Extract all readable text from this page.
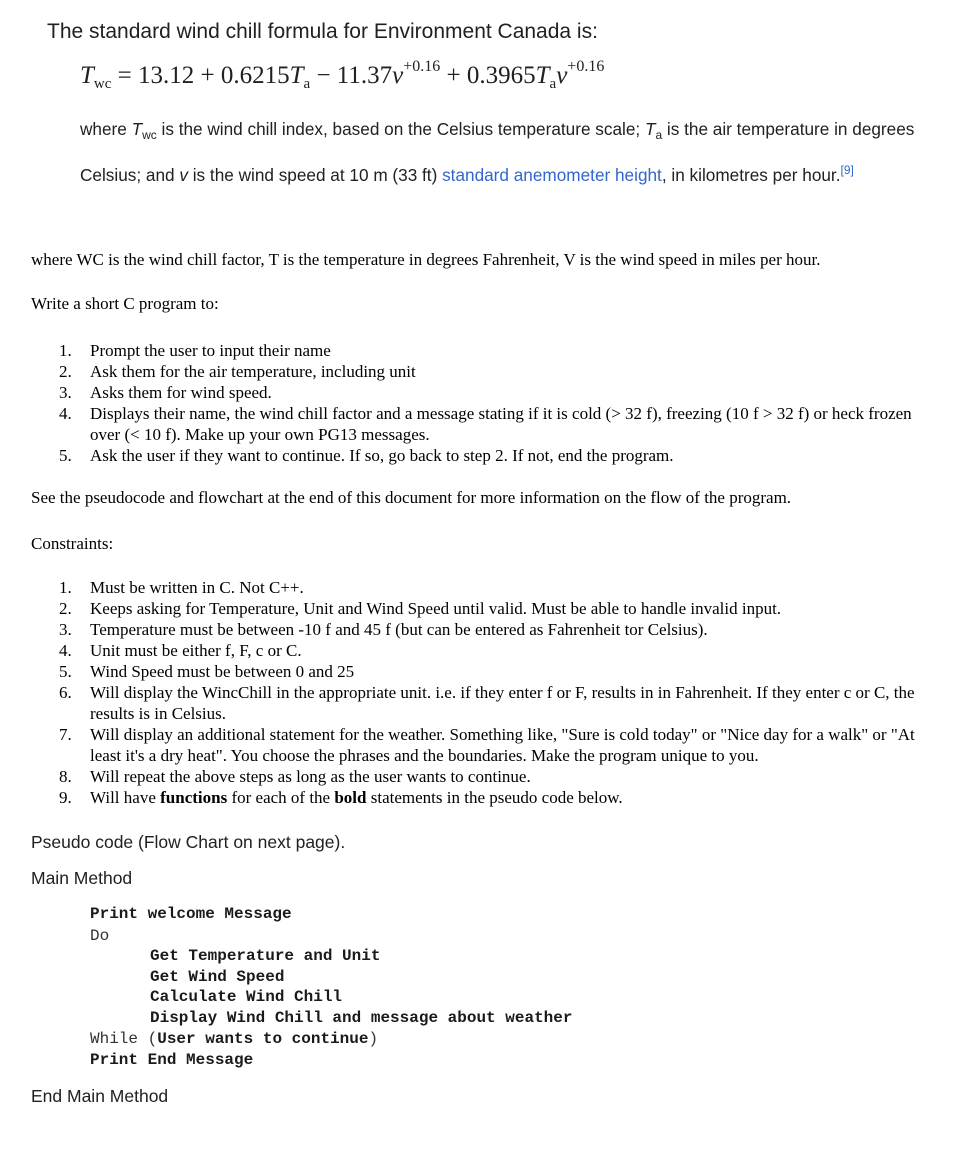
The standard wind chill formula for Environment Canada is:
$T_{wc} = 13.12 + 0.6215T_a - 11.37v^{+0.16} + 0.3965T_av^{+0.16}$
where $T_{wc}$ is the wind chill index, based on the Celsius temperature scale; $T_a$ is the air temperature in degrees Celsius; and v is the wind speed at 10 m (33 ft) standard anemometer height, in kilometres per hour.[9]
where WC is the wind chill factor, T is the temperature in degrees Fahrenheit, V is the wind speed in miles per hour.
Write a short C program to:
1. Prompt the user to input their name
2. Ask them for the air temperature, including unit
3. Asks them for wind speed.
4. Displays their name, the wind chill factor and a message stating if it is cold (> 32 f), freezing (10 f > 32 f) or heck frozen over (< 10 f). Make up your own PG13 messages.
5. Ask the user if they want to continue. If so, go back to step 2. If not, end the program.
See the pseudocode and flowchart at the end of this document for more information on the flow of the program.
Constraints:
1. Must be written in C. Not C++.
2. Keeps asking for Temperature, Unit and Wind Speed until valid. Must be able to handle invalid input.
3. Temperature must be between -10 f and 45 f (but can be entered as Fahrenheit tor Celsius).
4. Unit must be either f, F, c or C.
5. Wind Speed must be between 0 and 25
6. Will display the WincChill in the appropriate unit. i.e. if they enter f or F, results in in Fahrenheit. If they enter c or C, the results is in Celsius.
7. Will display an additional statement for the weather. Something like, "Sure is cold today" or "Nice day for a walk" or "At least it's a dry heat". You choose the phrases and the boundaries. Make the program unique to you.
8. Will repeat the above steps as long as the user wants to continue.
9. Will have functions for each of the bold statements in the pseudo code below.
Pseudo code (Flow Chart on next page).
Main Method
Print welcome Message
Do
Get Temperature and Unit
Get Wind Speed
Calculate Wind Chill
Display Wind Chill and message about weather
While (User wants to continue)
Print End Message
End Main Method
